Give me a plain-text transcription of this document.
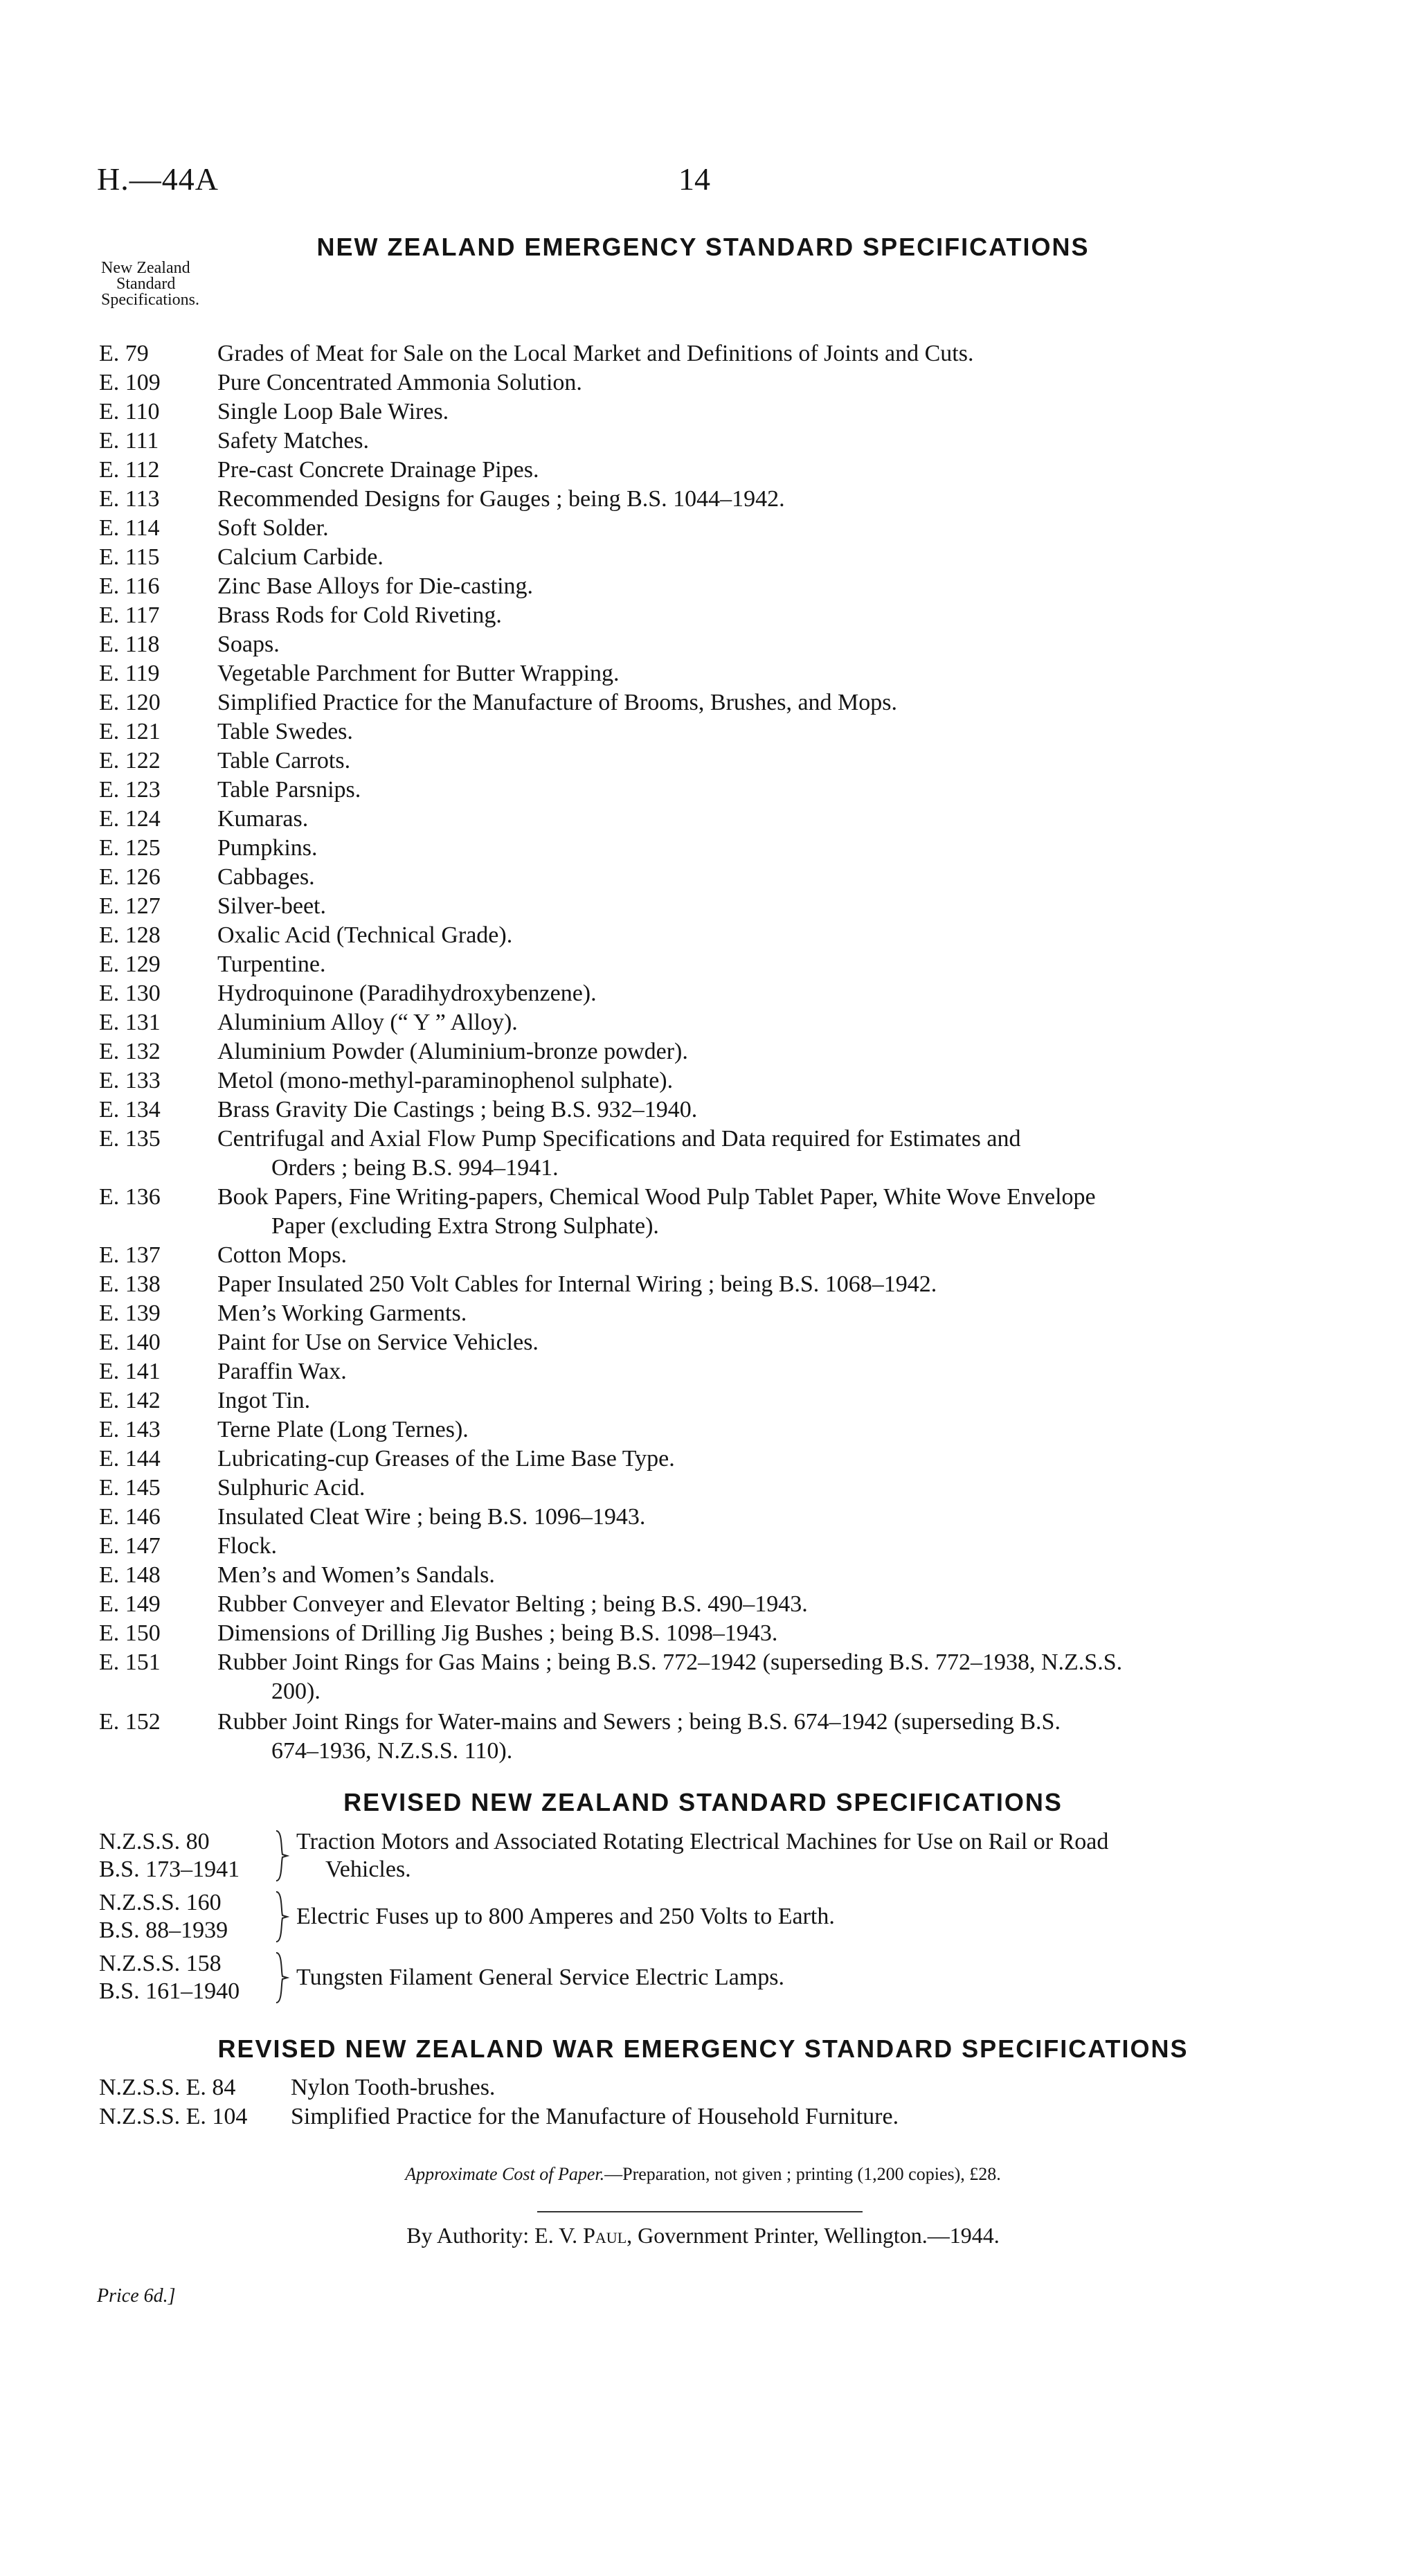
H.—44A	14
NEW ZEALAND EMERGENCY STANDARD SPECIFICATIONS
New Zealand
Standard
Specifications.
E. 79	Grades of Meat for Sale on the Local Market and Definitions of Joints and Cuts.
E. 109 Pure Concentrated Ammonia Solution.
E. 110 Single Loop Bale Wires.
E. 111 Safety Matches.
E. 112 Pre-cast Concrete Drainage Pipes.
E. 113 Recommended Designs for Gauges ; being B.S. 1044–1942.
E. 114 Soft Solder.
E. 115 Calcium Carbide.
E. 116 Zinc Base Alloys for Die-casting.
E. 117 Brass Rods for Cold Riveting.
E. 118 Soaps.
E. 119 Vegetable Parchment for Butter Wrapping.
E. 120 Simplified Practice for the Manufacture of Brooms, Brushes, and Mops.
E. 121 Table Swedes.
E. 122 Table Carrots.
E. 123 Table Parsnips.
E. 124 Kumaras.
E. 125 Pumpkins.
E. 126 Cabbages.
E. 127 Silver-beet.
E. 128 Oxalic Acid (Technical Grade).
E. 129 Turpentine.
E. 130 Hydroquinone (Paradihydroxybenzene).
E. 131 Aluminium Alloy (“ Y ” Alloy).
E. 132 Aluminium Powder (Aluminium-bronze powder).
E. 133 Metol (mono-methyl-paraminophenol sulphate).
E. 134 Brass Gravity Die Castings ; being B.S. 932–1940.
E. 135 Centrifugal and Axial Flow Pump Specifications and Data required for Estimates and
Orders ; being B.S. 994–1941.
E. 136 Book Papers, Fine Writing-papers, Chemical Wood Pulp Tablet Paper, White Wove Envelope
Paper (excluding Extra Strong Sulphate).
E. 137 Cotton Mops.
E. 138 Paper Insulated 250 Volt Cables for Internal Wiring ; being B.S. 1068–1942.
E. 139 Men’s Working Garments.
E. 140 Paint for Use on Service Vehicles.
E. 141 Paraffin Wax.
E. 142 Ingot Tin.
E. 143 Terne Plate (Long Ternes).
E. 144 Lubricating-cup Greases of the Lime Base Type.
E. 145 Sulphuric Acid.
E. 146 Insulated Cleat Wire ; being B.S. 1096–1943.
E. 147 Flock.
E. 148 Men’s and Women’s Sandals.
E. 149 Rubber Conveyer and Elevator Belting ; being B.S. 490–1943.
E. 150 Dimensions of Drilling Jig Bushes ; being B.S. 1098–1943.
E. 151 Rubber Joint Rings for Gas Mains ; being B.S. 772–1942 (superseding B.S. 772–1938, N.Z.S.S.
200).
E. 152 Rubber Joint Rings for Water-mains and Sewers ; being B.S. 674–1942 (superseding B.S.
674–1936, N.Z.S.S. 110).
REVISED NEW ZEALAND STANDARD SPECIFICATIONS
N.Z.S.S. 80
B.S. 173–1941
Traction Motors and Associated Rotating Electrical Machines for Use on Rail or Road
Vehicles.
N.Z.S.S. 160
B.S. 88–1939
Electric Fuses up to 800 Amperes and 250 Volts to Earth.
N.Z.S.S. 158
B.S. 161–1940
Tungsten Filament General Service Electric Lamps.
REVISED NEW ZEALAND WAR EMERGENCY STANDARD SPECIFICATIONS
N.Z.S.S. E. 84 Nylon Tooth-brushes.
N.Z.S.S. E. 104 Simplified Practice for the Manufacture of Household Furniture.
Approximate Cost of Paper.—Preparation, not given ; printing (1,200 copies), £28.
By Authority: E. V. Paul, Government Printer, Wellington.—1944.
Price 6d.]
